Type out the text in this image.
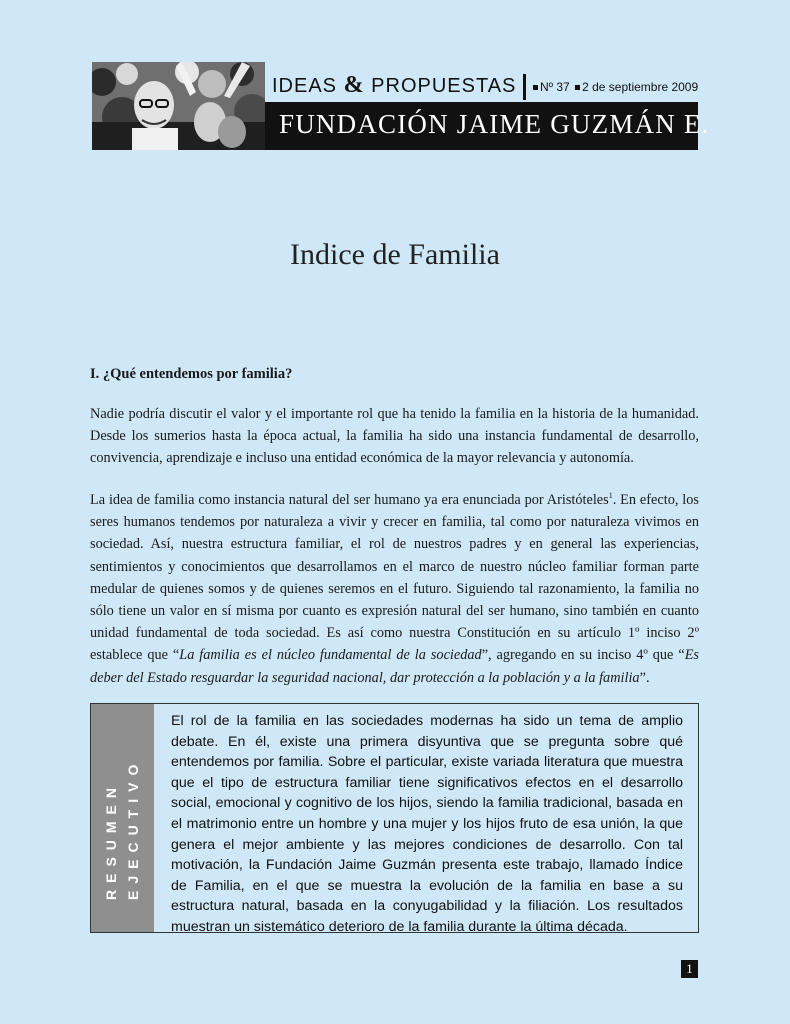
IDEAS & PROPUESTAS	Nº 37 2 de septiembre 2009
FUNDACIÓN JAIME GUZMÁN E.
Indice de Familia
I. ¿Qué entendemos por familia?

Nadie podría discutir el valor y el importante rol que ha tenido la familia en la historia de la humanidad. Desde los sumerios hasta la época actual, la familia ha sido una instancia fundamental de desarrollo, convivencia, aprendizaje e incluso una entidad económica de la mayor relevancia y autonomía.

La idea de familia como instancia natural del ser humano ya era enunciada por Aristóteles$^1$. En efecto, los seres humanos tendemos por naturaleza a vivir y crecer en familia, tal como por naturaleza vivimos en sociedad. Así, nuestra estructura familiar, el rol de nuestros padres y en general las experiencias, sentimientos y conocimientos que desarrollamos en el marco de nuestro núcleo familiar forman parte medular de quienes somos y de quienes seremos en el futuro. Siguiendo tal razonamiento, la familia no sólo tiene un valor en sí misma por cuanto es expresión natural del ser humano, sino también en cuanto unidad fundamental de toda sociedad. Es así como nuestra Constitución en su artículo 1º inciso 2º establece que “La familia es el núcleo fundamental de la sociedad”, agregando en su inciso 4º que “Es deber del Estado resguardar la seguridad nacional, dar protección a la población y a la familia”.

RESUMEN EJECUTIVO

El rol de la familia en las sociedades modernas ha sido un tema de amplio debate. En él, existe una primera disyuntiva que se pregunta sobre qué entendemos por familia. Sobre el particular, existe variada literatura que muestra que el tipo de estructura familiar tiene significativos efectos en el desarrollo social, emocional y cognitivo de los hijos, siendo la familia tradicional, basada en el matrimonio entre un hombre y una mujer y los hijos fruto de esa unión, la que genera el mejor ambiente y las mejores condiciones de desarrollo. Con tal motivación, la Fundación Jaime Guzmán presenta este trabajo, llamado Índice de Familia, en el que se muestra la evolución de la familia en base a su estructura natural, basada en la conyugabilidad y la filiación. Los resultados muestran un sistemático deterioro de la familia durante la última década.

1
